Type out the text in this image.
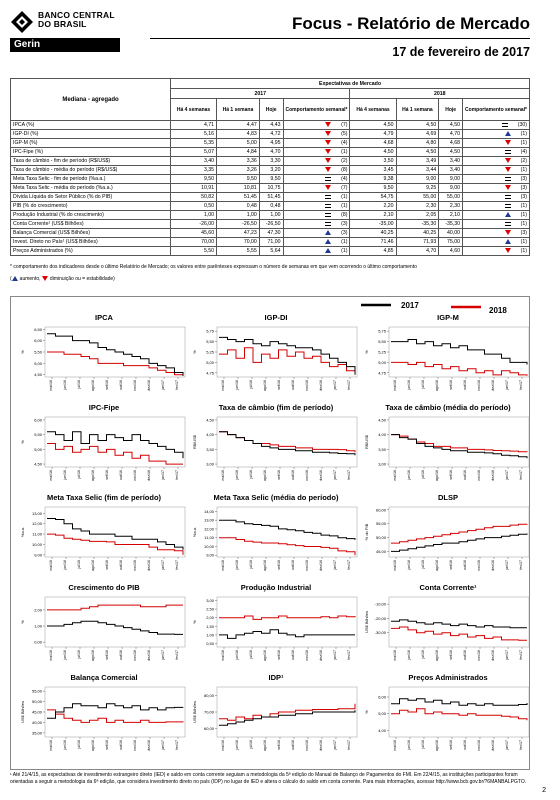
BANCO CENTRAL
DO BRASIL
Gerin
Focus - Relatório de Mercado
17 de fevereiro de 2017
Mediana - agregado	Expectativas de Mercado							
	2017				2018			
	Há 4 semanas	Há 1 semana	Hoje	Comportamento semanal*	Há 4 semanas	Há 1 semana	Hoje	Comportamento semanal*
IPCA (%)	4,71	4,47	4,43	(7)	4,50	4,50	4,50	(30)
IGP-DI (%)	5,16	4,83	4,72	(5)	4,79	4,69	4,70	(1)
IGP-M (%)	5,35	5,00	4,95	(4)	4,68	4,80	4,68	(1)
IPC-Fipe (%)	5,07	4,84	4,70	(1)	4,50	4,50	4,50	(4)
Taxa de câmbio - fim de período (R$/US$)	3,40	3,36	3,30	(2)	3,50	3,49	3,40	(2)
Taxa de câmbio - média do período (R$/US$)	3,35	3,26	3,20	(8)	3,45	3,44	3,40	(1)
Meta Taxa Selic - fim de período (%a.a.)	9,50	9,50	9,50	(4)	9,38	9,00	9,00	(3)
Meta Taxa Selic - média do período (%a.a.)	10,91	10,81	10,75	(7)	9,50	9,25	9,00	(3)
Dívida Líquida do Setor Público (% do PIB)	50,82	51,45	51,45	(1)	54,75	55,00	55,00	(3)
PIB (% do crescimento)	0,50	0,48	0,48	(1)	2,20	2,30	2,30	(1)
Produção Industrial (% do crescimento)	1,00	1,00	1,00	(8)	2,10	2,05	2,10	(1)
Conta Corrente¹ (US$ Bilhões)	-26,00	-26,50	-26,50	(3)	-35,00	-35,30	-35,30	(1)
Balança Comercial (US$ Bilhões)	45,60	47,23	47,30	(3)	40,25	40,25	40,00	(3)
Invest. Direto no País¹ (US$ Bilhões)	70,00	70,00	71,00	(1)	71,46	71,93	75,00	(1)
Preços Administrados (%)	5,50	5,55	5,64	(1)	4,85	4,70	4,60	(1)
* comportamento dos indicadores desde o último Relatório de Mercado; os valores entre parênteses expressam o número de semanas em que vem ocorrendo o último comportamento
( aumento, diminuição ou = estabilidade)
2017
2018
IPCA
6,50
6,00
5,50
5,00
4,50
%
mai/16	jun/16	jul/16	ago/16	set/16	out/16	nov/16	dez/16	jan/17	fev/17
IGP-DI
5,75
5,50
5,25
5,00
4,75
%
mai/16	jun/16	jul/16	ago/16	set/16	out/16	nov/16	dez/16	jan/17	fev/17
IGP-M
5,75
5,50
5,25
5,00
4,75
%
mai/16	jun/16	jul/16	ago/16	set/16	out/16	nov/16	dez/16	jan/17	fev/17
IPC-Fipe
6,00
5,50
5,00
4,50
%
mai/16	jun/16	jul/16	ago/16	set/16	out/16	nov/16	dez/16	jan/17	fev/17
Taxa de câmbio (fim de período)
4,50
4,00
3,50
3,00
R$/US$
mai/16	jun/16	jul/16	ago/16	set/16	out/16	nov/16	dez/16	jan/17	fev/17
Taxa de câmbio (média do período)
4,50
4,00
3,50
3,00
R$/US$
mai/16	jun/16	jul/16	ago/16	set/16	out/16	nov/16	dez/16	jan/17	fev/17
Meta Taxa Selic (fim de período)
13,00
12,00
11,00
10,00
9,00
%a.a.
mai/16	jun/16	jul/16	ago/16	set/16	out/16	nov/16	dez/16	jan/17	fev/17
Meta Taxa Selic (média do período)
14,00
13,00
12,00
11,00
10,00
9,00
%a.a.
mai/16	jun/16	jul/16	ago/16	set/16	out/16	nov/16	dez/16	jan/17	fev/17
DLSP
60,00
55,00
50,00
45,00
% do PIB
mai/16	jun/16	jul/16	ago/16	set/16	out/16	nov/16	dez/16	jan/17	fev/17
Crescimento do PIB
2,00
1,00
0,00
%
mai/16	jun/16	jul/16	ago/16	set/16	out/16	nov/16	dez/16	jan/17	fev/17
Produção Industrial
3,00
2,50
2,00
1,50
1,00
0,50
%
mai/16	jun/16	jul/16	ago/16	set/16	out/16	nov/16	dez/16	jan/17	fev/17
Conta Corrente¹
-10,00
-20,00
-30,00
US$ Bilhões
mai/16	jun/16	jul/16	ago/16	set/16	out/16	nov/16	dez/16	jan/17	fev/17
Balança Comercial
55,00
50,00
45,00
40,00
35,00
US$ Bilhões
mai/16	jun/16	jul/16	ago/16	set/16	out/16	nov/16	dez/16	jan/17	fev/17
IDP¹
80,00
70,00
60,00
US$ Bilhões
mai/16	jun/16	jul/16	ago/16	set/16	out/16	nov/16	dez/16	jan/17	fev/17
Preços Administrados
6,00
5,00
4,00
%
mai/16	jun/16	jul/16	ago/16	set/16	out/16	nov/16	dez/16	jan/17	fev/17
¹ Até 21/4/15, as expectativas de investimento estrangeiro direto (IED) e saldo em conta corrente seguiam a metodologia da 5ª edição do Manual de Balanço de Pagamentos do FMI. Em 22/4/15, as instituições participantes foram orientadas a seguir a metodologia da 6ª edição, que considera investimento direto no país (IDP) no lugar de IED e altera o cálculo do saldo em conta corrente. Para mais informações, acessar http://www.bcb.gov.br/?6MANBALPGTO.
2
